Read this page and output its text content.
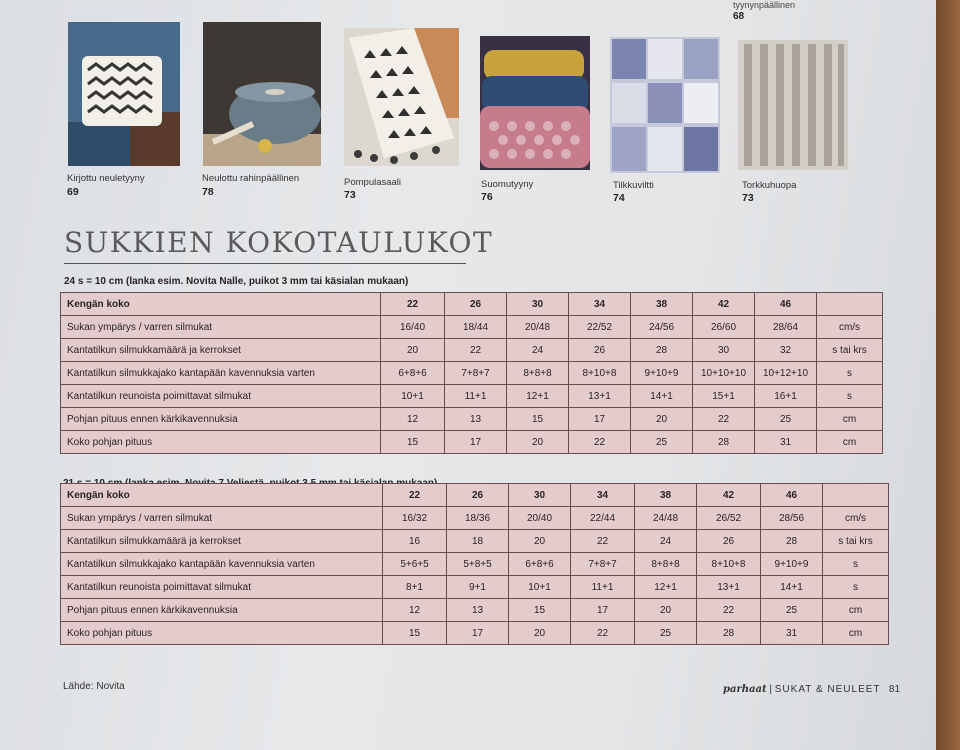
tyynynpäällinen
68
Kirjottu neuletyyny
69
Neulottu rahinpäällinen
78
Pompulasaali
73
Suomutyyny
76
Tilkkuviltti
74
Torkkuhuopa
73
SUKKIEN KOKOTAULUKOT
24 s = 10 cm (lanka esim. Novita Nalle, puikot 3 mm tai käsialan mukaan)
Kengän koko	22	26	30	34	38	42	46	
Sukan ympärys / varren silmukat	16/40	18/44	20/48	22/52	24/56	26/60	28/64	cm/s
Kantatilkun silmukkamäärä ja kerrokset	20	22	24	26	28	30	32	s tai krs
Kantatilkun silmukkajako kantapään kavennuksia varten	6+8+6	7+8+7	8+8+8	8+10+8	9+10+9	10+10+10	10+12+10	s
Kantatilkun reunoista poimittavat silmukat	10+1	11+1	12+1	13+1	14+1	15+1	16+1	s
Pohjan pituus ennen kärkikavennuksia	12	13	15	17	20	22	25	cm
Koko pohjan pituus	15	17	20	22	25	28	31	cm
Kengän koko	22	26	30	34	38	42	46	
Sukan ympärys / varren silmukat	16/32	18/36	20/40	22/44	24/48	26/52	28/56	cm/s
Kantatilkun silmukkamäärä ja kerrokset	16	18	20	22	24	26	28	s tai krs
Kantatilkun silmukkajako kantapään kavennuksia varten	5+6+5	5+8+5	6+8+6	7+8+7	8+8+8	8+10+8	9+10+9	s
Kantatilkun reunoista poimittavat silmukat	8+1	9+1	10+1	11+1	12+1	13+1	14+1	s
Pohjan pituus ennen kärkikavennuksia	12	13	15	17	20	22	25	cm
Koko pohjan pituus	15	17	20	22	25	28	31	cm
Lähde: Novita	parhaat | SUKAT & NEULEET 81
